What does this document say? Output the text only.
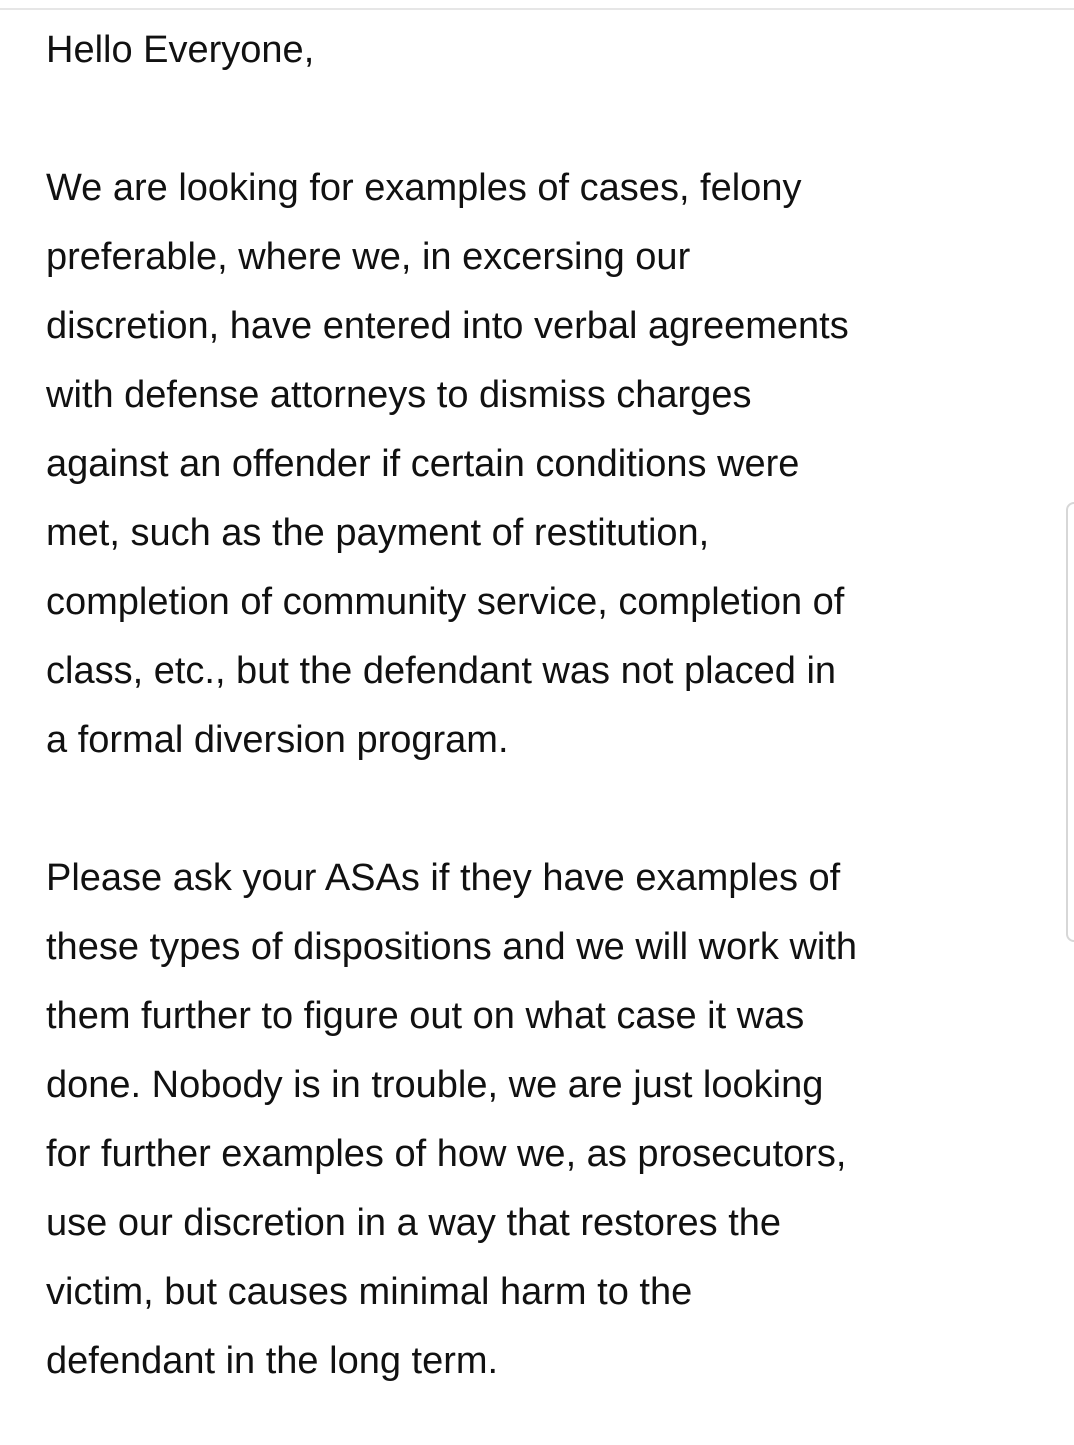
Hello Everyone,
We are looking for examples of cases, felony
preferable, where we, in excersing our
discretion, have entered into verbal agreements
with defense attorneys to dismiss charges
against an offender if certain conditions were
met, such as the payment of restitution,
completion of community service, completion of
class, etc., but the defendant was not placed in
a formal diversion program.
Please ask your ASAs if they have examples of
these types of dispositions and we will work with
them further to figure out on what case it was
done. Nobody is in trouble, we are just looking
for further examples of how we, as prosecutors,
use our discretion in a way that restores the
victim, but causes minimal harm to the
defendant in the long term.
